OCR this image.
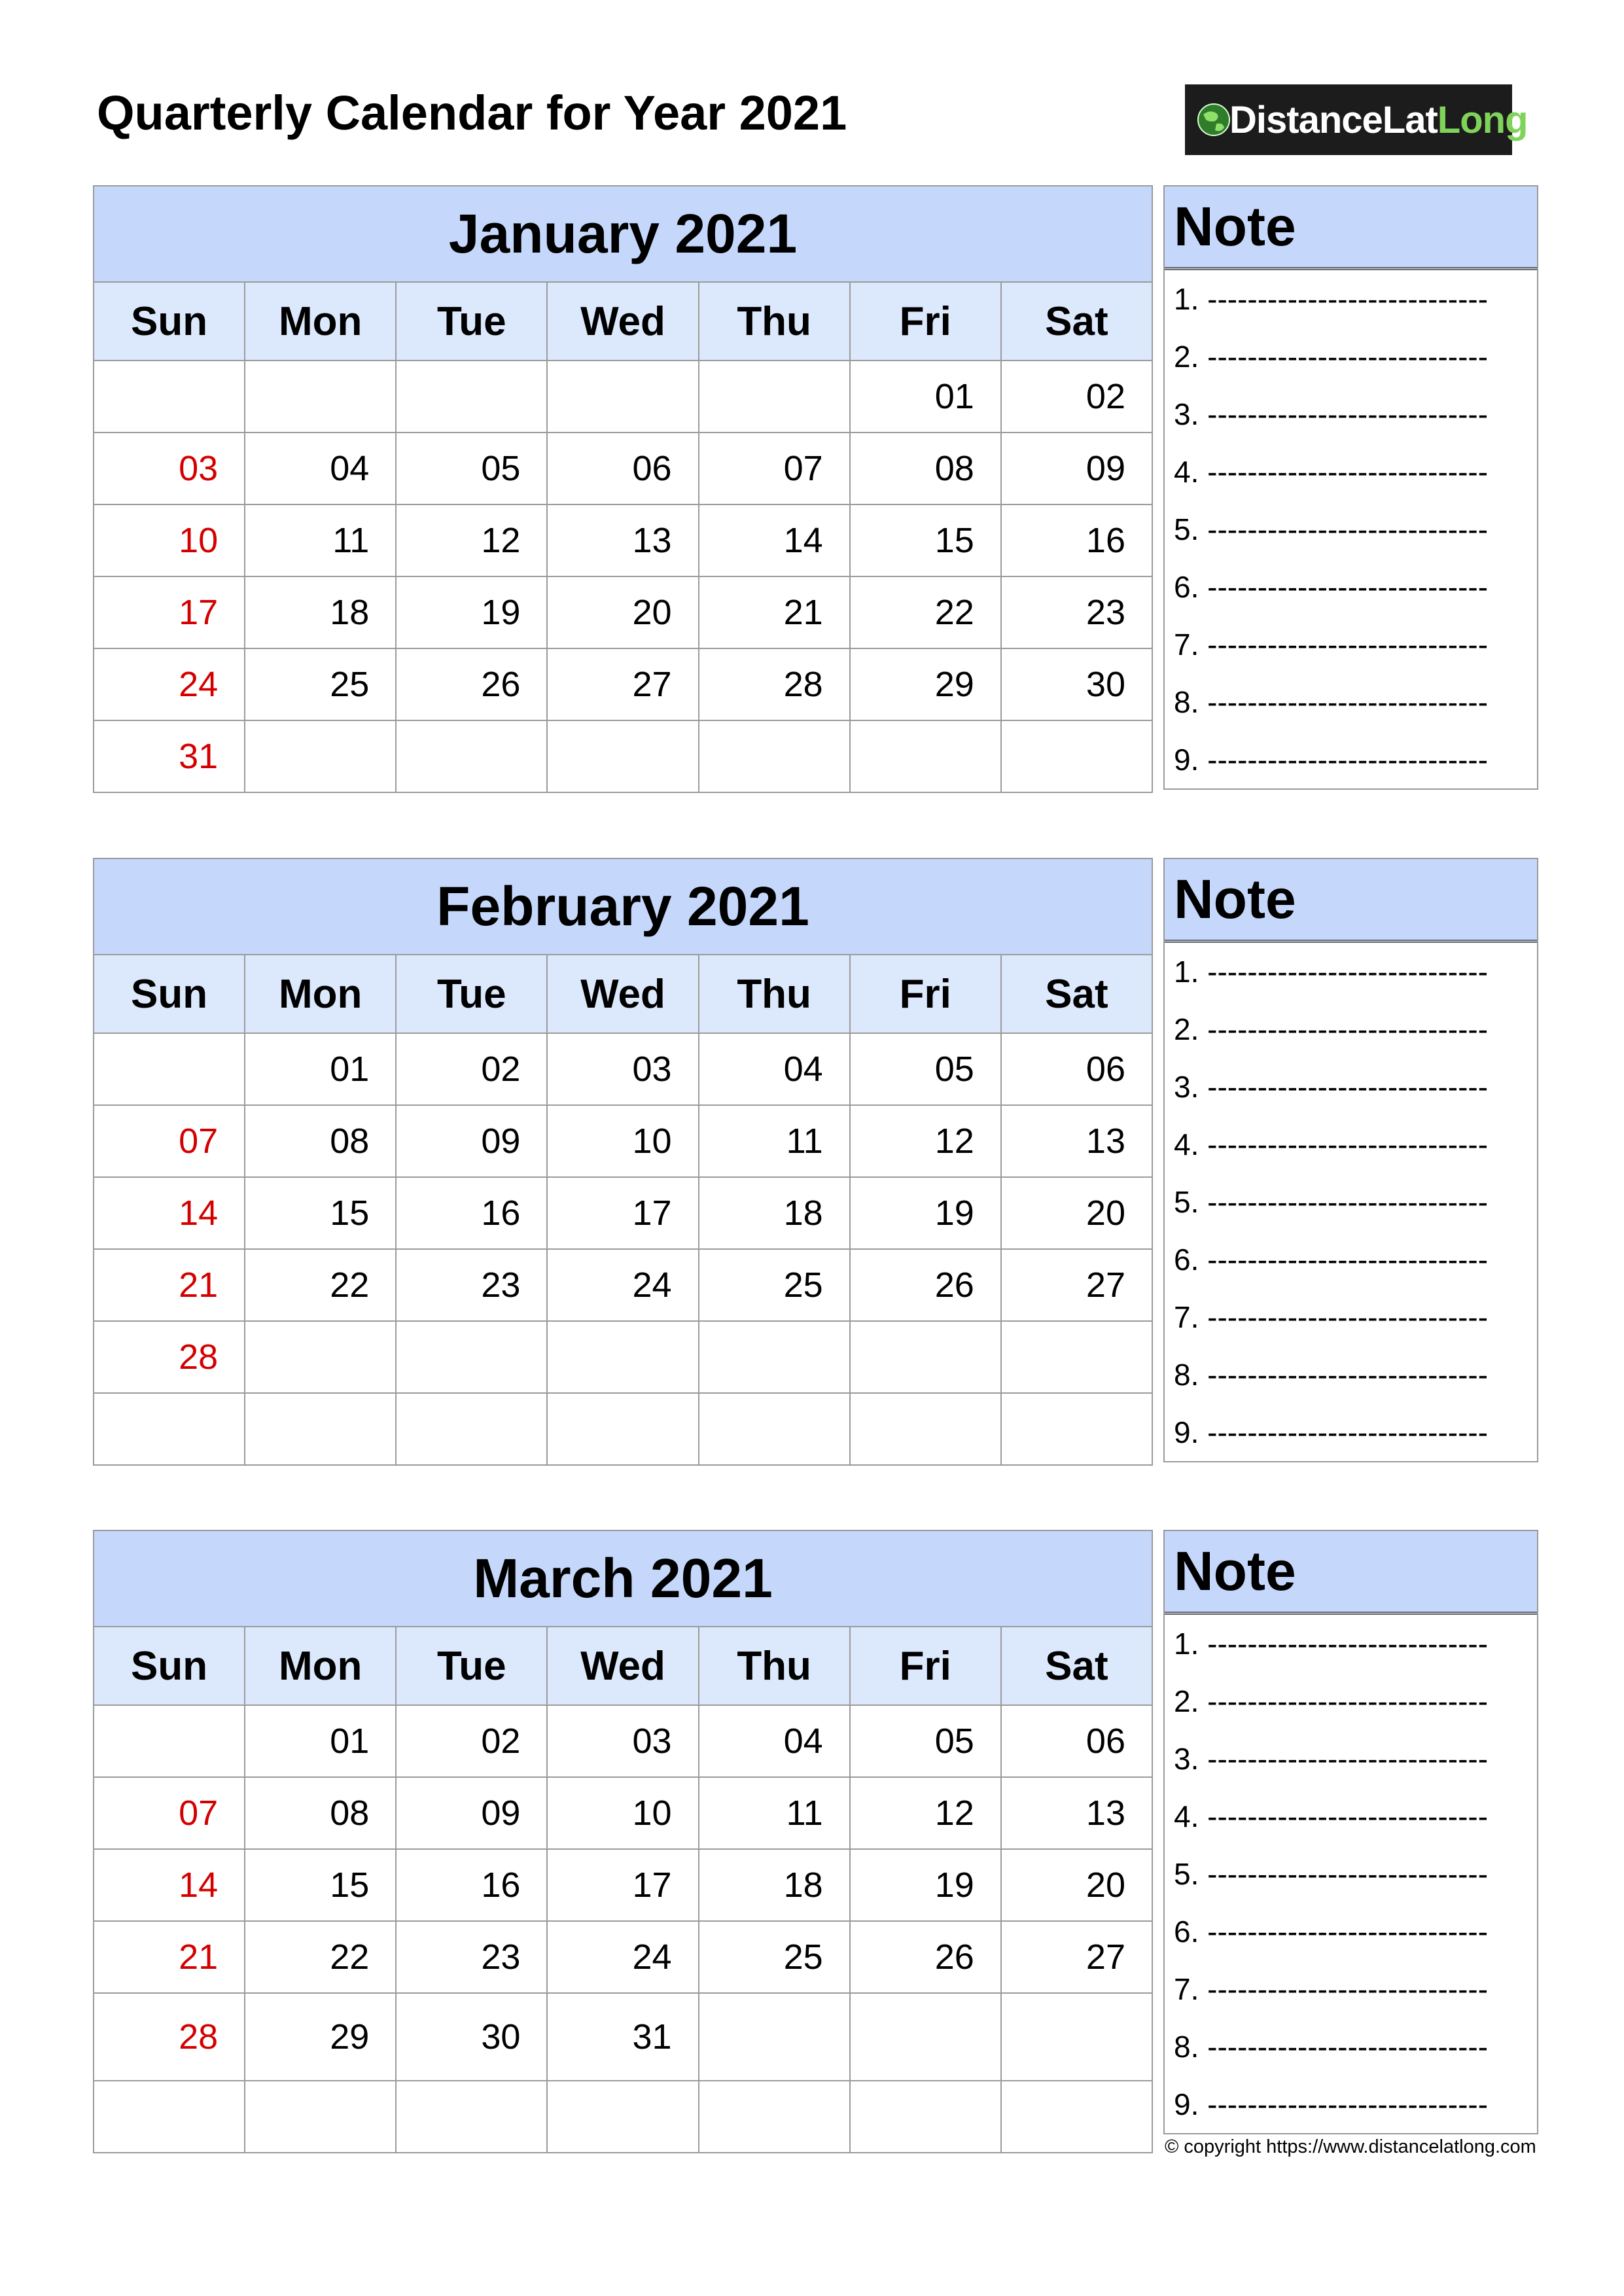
Quarterly Calendar for Year 2021	DistanceLatLong
January 2021						
Sun	Mon	Tue	Wed	Thu	Fri	Sat
					01	02
03	04	05	06	07	08	09
10	11	12	13	14	15	16
17	18	19	20	21	22	23
24	25	26	27	28	29	30
31						
Note
1. ----------------------------
2. ----------------------------
3. ----------------------------
4. ----------------------------
5. ----------------------------
6. ----------------------------
7. ----------------------------
8. ----------------------------
9. ----------------------------
February 2021						
Sun	Mon	Tue	Wed	Thu	Fri	Sat
	01	02	03	04	05	06
07	08	09	10	11	12	13
14	15	16	17	18	19	20
21	22	23	24	25	26	27
28						

Note
1. ----------------------------
2. ----------------------------
3. ----------------------------
4. ----------------------------
5. ----------------------------
6. ----------------------------
7. ----------------------------
8. ----------------------------
9. ----------------------------
March 2021						
Sun	Mon	Tue	Wed	Thu	Fri	Sat
	01	02	03	04	05	06
07	08	09	10	11	12	13
14	15	16	17	18	19	20
21	22	23	24	25	26	27
28	29	30	31			

Note
1. ----------------------------
2. ----------------------------
3. ----------------------------
4. ----------------------------
5. ----------------------------
6. ----------------------------
7. ----------------------------
8. ----------------------------
9. ----------------------------
© copyright https://www.distancelatlong.com
